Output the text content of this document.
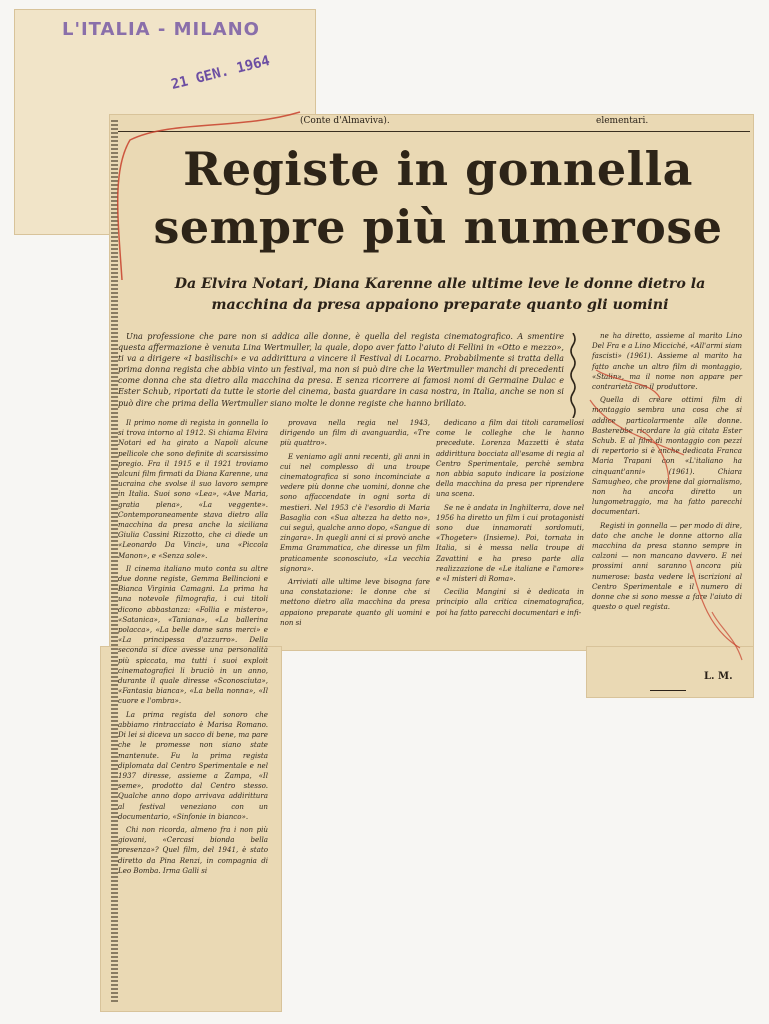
L'ITALIA - MILANO
21 GEN. 1964
(Conte d'Almaviva).	elementari.
Registe in gonnella
sempre più numerose

Da Elvira Notari, Diana Karenne alle ultime leve le donne dietro la macchina da presa appaiono preparate quanto gli uomini

Una professione che pare non si addica alle donne, è quella del regista cinematografico. A smentire questa affermazione è venuta Lina Wertmuller, la quale, dopo aver fatto l'aiuto di Fellini in «Otto e mezzo», ti va a dirigere «I basilischi» e va addirittura a vincere il Festival di Locarno. Probabilmente si tratta della prima donna regista che abbia vinto un festival, ma non si può dire che la Wertmuller manchi di precedenti come donna che sta dietro alla macchina da presa. E senza ricorrere ai famosi nomi di Germaine Dulac e Ester Schub, riportati da tutte le storie del cinema, basta guardare in casa nostra, in Italia, anche se non si può dire che prima della Wertmuller siano molte le donne registe che hanno brillato.

Il primo nome di regista in gonnella lo si trova intorno al 1912. Si chiama Elvira Notari ed ha girato a Napoli alcune pellicole che sono definite di scarsissimo pregio. Fra il 1915 e il 1921 troviamo alcuni film firmati da Diana Karenne, una ucraina che svolse il suo lavoro sempre in Italia. Suoi sono «Lea», «Ave Maria, gratia plena», «La veggente». Contemporaneamente stava dietro alla macchina da presa anche la siciliana Giulia Cassini Rizzotto, che ci diede un «Leonardo Da Vinci», una «Piccola Manon», e «Senza sole».

Il cinema italiano muto conta su altre due donne registe, Gemma Bellincioni e Bianca Virginia Camagni. La prima ha una notevole filmografia, i cui titoli dicono abbastanza: «Follia e mistero», «Satanica», «Taniana», «La ballerina polacca», «La belle dame sans merci» e «La principessa d'azzurro». Della seconda si dice avesse una personalità più spiccata, ma tutti i suoi exploit cinematografici li bruciò in un anno, durante il quale diresse «Sconosciuta», «Fantasia bianca», «La bella nonna», «Il cuore e l'ombra».

La prima regista del sonoro che abbiamo rintracciato è Marisa Romano. Di lei si diceva un sacco di bene, ma pare che le promesse non siano state mantenute. Fu la prima regista diplomata dal Centro Sperimentale e nel 1937 diresse, assieme a Zampa, «Il seme», prodotto dal Centro stesso. Qualche anno dopo arrivava addirittura al festival veneziano con un documentario, «Sinfonie in bianco».

Chi non ricorda, almeno fra i non più giovani, «Cercasi bionda bella presenza»? Quel film, del 1941, è stato diretto da Pina Renzi, in compagnia di Leo Bomba. Irma Galli si

provava nella regia nel 1943, dirigendo un film di avanguardia, «Tre più quattro».

E veniamo agli anni recenti, gli anni in cui nel complesso di una troupe cinematografica si sono incominciate a vedere più donne che uomini, donne che sono affaccendate in ogni sorta di mestieri. Nel 1953 c'è l'esordio di Maria Basaglia con «Sua altezza ha detto no», cui seguì, qualche anno dopo, «Sangue di zingara». In quegli anni ci si provò anche Emma Grammatica, che diresse un film praticamente sconosciuto, «La vecchia signora».

Arriviati alle ultime leve bisogna fare una constatazione: le donne che si mettono dietro alla macchina da presa appaiono preparate quanto gli uomini e non si

dedicano a film dai titoli caramellosi come le colleghe che le hanno precedute. Lorenza Mazzetti è stata addirittura bocciata all'esame di regia al Centro Sperimentale, perchè sembra non abbia saputo indicare la posizione della macchina da presa per riprendere una scena.

Se ne è andata in Inghilterra, dove nel 1956 ha diretto un film i cui protagonisti sono due innamorati sordomuti, «Thogeter» (Insieme). Poi, tornata in Italia, si è messa nella troupe di Zavattini e ha preso parte alla realizzazione de «Le italiane e l'amore» e «I misteri di Roma».

Cecilia Mangini si è dedicata in principio alla critica cinematografica, poi ha fatto parecchi documentari e infi-

ne ha diretto, assieme al marito Lino Del Fra e a Lino Micciché, «All'armi siam fascisti» (1961). Assieme al marito ha fatto anche un altro film di montaggio, «Stalin», ma il nome non appare per contrarietà con il produttore.

Quella di creare ottimi film di montaggio sembra una cosa che si addice particolarmente alle donne. Basterebbe ricordare la già citata Ester Schub. E al film di montaggio con pezzi di repertorio si è anche dedicata Franca Maria Trapani con «L'italiano ha cinquant'anni» (1961). Chiara Samugheo, che proviene dal giornalismo, non ha ancora diretto un lungometraggio, ma ha fatto parecchi documentari.

Registi in gonnella — per modo di dire, dato che anche le donne attorno alla macchina da presa stanno sempre in calzoni — non mancano davvero. E nei prossimi anni saranno ancora più numerose: basta vedere le iscrizioni al Centro Sperimentale e il numero di donne che si sono messe a fare l'aiuto di questo o quel regista.

L. M.
